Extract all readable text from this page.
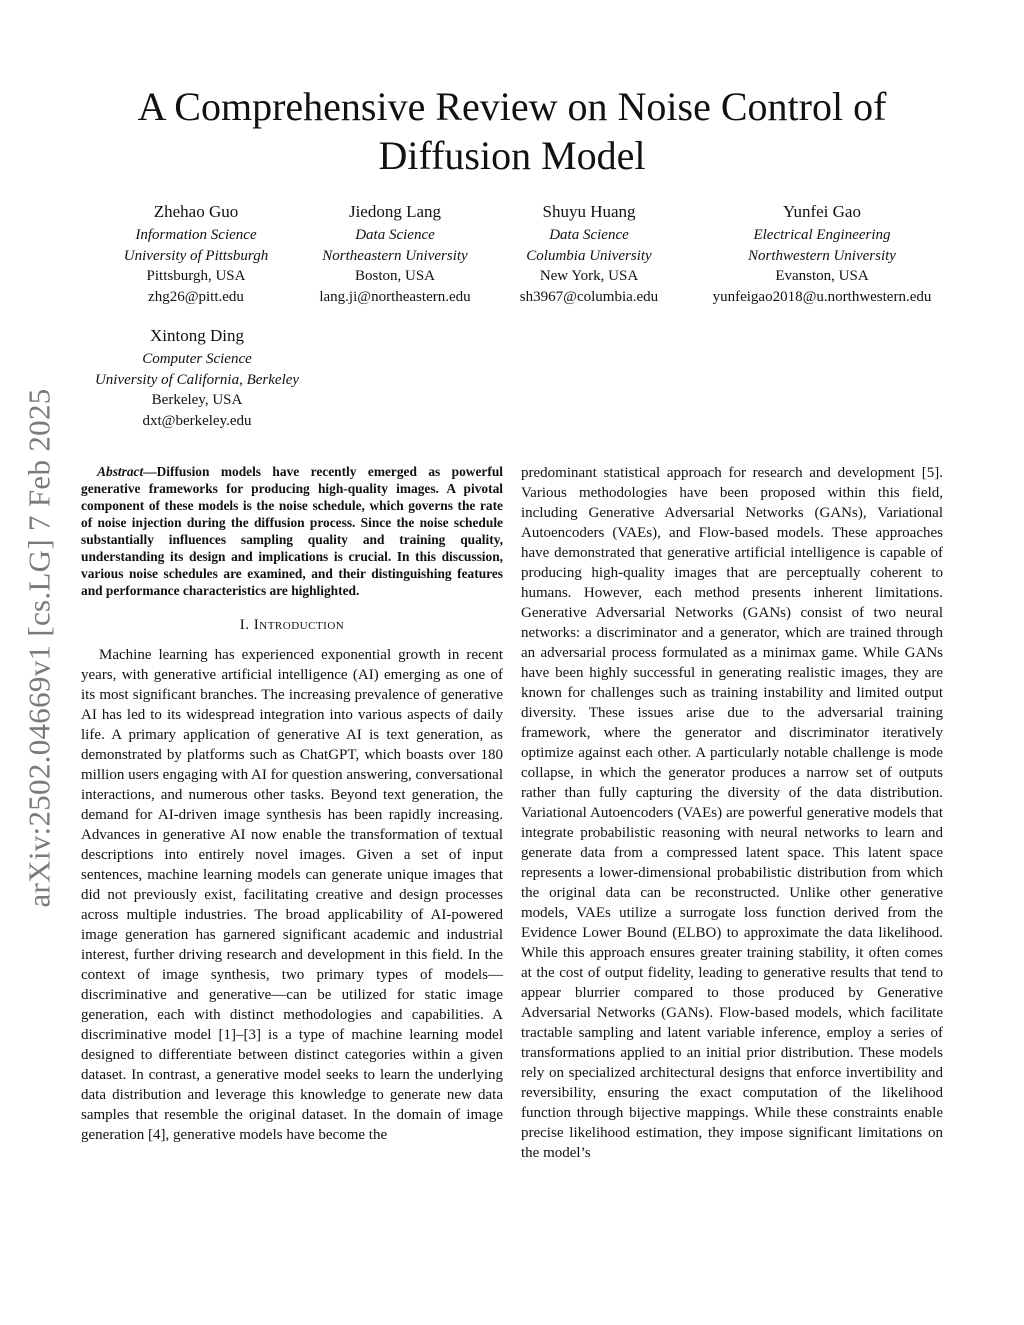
arXiv:2502.04669v1 [cs.LG] 7 Feb 2025
A Comprehensive Review on Noise Control of Diffusion Model
Zhehao Guo
Information Science
University of Pittsburgh
Pittsburgh, USA
zhg26@pitt.edu
Jiedong Lang
Data Science
Northeastern University
Boston, USA
lang.ji@northeastern.edu
Shuyu Huang
Data Science
Columbia University
New York, USA
sh3967@columbia.edu
Yunfei Gao
Electrical Engineering
Northwestern University
Evanston, USA
yunfeigao2018@u.northwestern.edu
Xintong Ding
Computer Science
University of California, Berkeley
Berkeley, USA
dxt@berkeley.edu

Abstract—Diffusion models have recently emerged as powerful generative frameworks for producing high-quality images. A pivotal component of these models is the noise schedule, which governs the rate of noise injection during the diffusion process. Since the noise schedule substantially influences sampling quality and training quality, understanding its design and implications is crucial. In this discussion, various noise schedules are examined, and their distinguishing features and performance characteristics are highlighted.

I. Introduction

Machine learning has experienced exponential growth in recent years, with generative artificial intelligence (AI) emerging as one of its most significant branches. The increasing prevalence of generative AI has led to its widespread integration into various aspects of daily life. A primary application of generative AI is text generation, as demonstrated by platforms such as ChatGPT, which boasts over 180 million users engaging with AI for question answering, conversational interactions, and numerous other tasks. Beyond text generation, the demand for AI-driven image synthesis has been rapidly increasing. Advances in generative AI now enable the transformation of textual descriptions into entirely novel images. Given a set of input sentences, machine learning models can generate unique images that did not previously exist, facilitating creative and design processes across multiple industries. The broad applicability of AI-powered image generation has garnered significant academic and industrial interest, further driving research and development in this field. In the context of image synthesis, two primary types of models—discriminative and generative—can be utilized for static image generation, each with distinct methodologies and capabilities. A discriminative model [1]–[3] is a type of machine learning model designed to differentiate between distinct categories within a given dataset. In contrast, a generative model seeks to learn the underlying data distribution and leverage this knowledge to generate new data samples that resemble the original dataset. In the domain of image generation [4], generative models have become the

predominant statistical approach for research and development [5]. Various methodologies have been proposed within this field, including Generative Adversarial Networks (GANs), Variational Autoencoders (VAEs), and Flow-based models. These approaches have demonstrated that generative artificial intelligence is capable of producing high-quality images that are perceptually coherent to humans. However, each method presents inherent limitations. Generative Adversarial Networks (GANs) consist of two neural networks: a discriminator and a generator, which are trained through an adversarial process formulated as a minimax game. While GANs have been highly successful in generating realistic images, they are known for challenges such as training instability and limited output diversity. These issues arise due to the adversarial training framework, where the generator and discriminator iteratively optimize against each other. A particularly notable challenge is mode collapse, in which the generator produces a narrow set of outputs rather than fully capturing the diversity of the data distribution. Variational Autoencoders (VAEs) are powerful generative models that integrate probabilistic reasoning with neural networks to learn and generate data from a compressed latent space. This latent space represents a lower-dimensional probabilistic distribution from which the original data can be reconstructed. Unlike other generative models, VAEs utilize a surrogate loss function derived from the Evidence Lower Bound (ELBO) to approximate the data likelihood. While this approach ensures greater training stability, it often comes at the cost of output fidelity, leading to generative results that tend to appear blurrier compared to those produced by Generative Adversarial Networks (GANs). Flow-based models, which facilitate tractable sampling and latent variable inference, employ a series of transformations applied to an initial prior distribution. These models rely on specialized architectural designs that enforce invertibility and reversibility, ensuring the exact computation of the likelihood function through bijective mappings. While these constraints enable precise likelihood estimation, they impose significant limitations on the model’s
